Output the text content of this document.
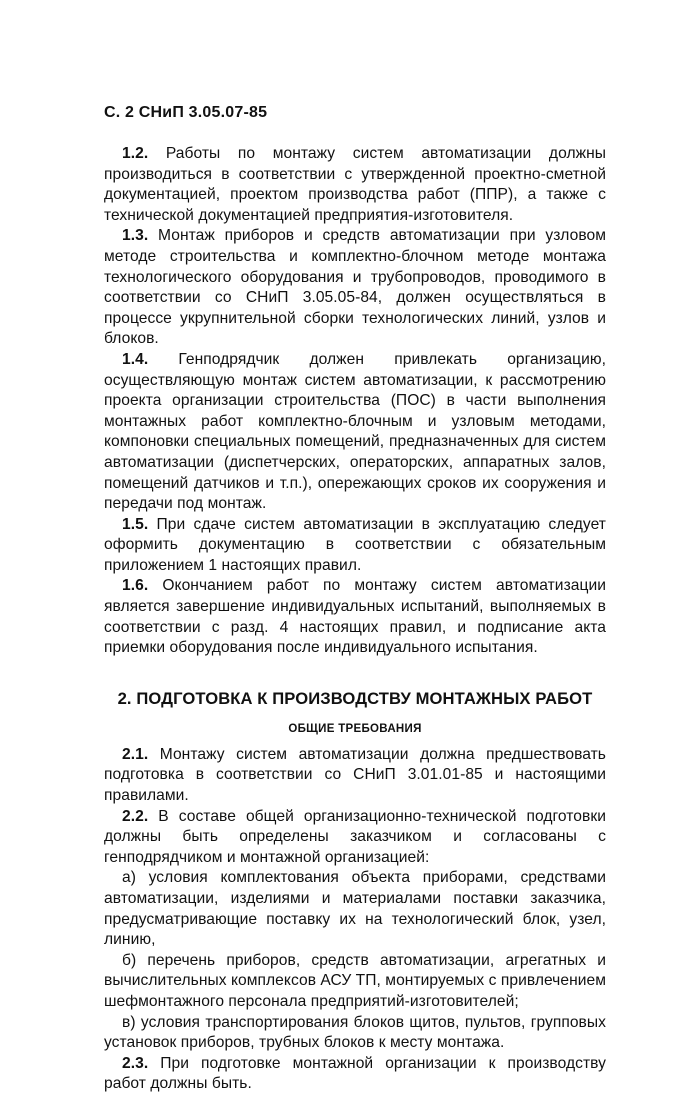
С. 2 СНиП 3.05.07-85

1.2. Работы по монтажу систем автоматизации должны производиться в соответствии с утвержденной проектно-сметной документацией, проектом производства работ (ППР), а также с технической документацией предприятия-изготовителя.

1.3. Монтаж приборов и средств автоматизации при узловом методе строительства и комплектно-блочном методе монтажа технологического оборудования и трубопроводов, проводимого в соответствии со СНиП 3.05.05-84, должен осуществляться в процессе укрупнительной сборки технологических линий, узлов и блоков.

1.4. Генподрядчик должен привлекать организацию, осуществляющую монтаж систем автоматизации, к рассмотрению проекта организации строительства (ПОС) в части выполнения монтажных работ комплектно-блочным и узловым методами, компоновки специальных помещений, предназначенных для систем автоматизации (диспетчерских, операторских, аппаратных залов, помещений датчиков и т.п.), опережающих сроков их сооружения и передачи под монтаж.

1.5. При сдаче систем автоматизации в эксплуатацию следует оформить документацию в соответствии с обязательным приложением 1 настоящих правил.

1.6. Окончанием работ по монтажу систем автоматизации является завершение индивидуальных испытаний, выполняемых в соответствии с разд. 4 настоящих правил, и подписание акта приемки оборудования после индивидуального испытания.

2. ПОДГОТОВКА К ПРОИЗВОДСТВУ МОНТАЖНЫХ РАБОТ
ОБЩИЕ ТРЕБОВАНИЯ

2.1. Монтажу систем автоматизации должна предшествовать подготовка в соответствии со СНиП 3.01.01-85 и настоящими правилами.

2.2. В составе общей организационно-технической подготовки должны быть определены заказчиком и согласованы с генподрядчиком и монтажной организацией:

а) условия комплектования объекта приборами, средствами автоматизации, изделиями и материалами поставки заказчика, предусматривающие поставку их на технологический блок, узел, линию,

б) перечень приборов, средств автоматизации, агрегатных и вычислительных комплексов АСУ ТП, монтируемых с привлечением шефмонтажного персонала предприятий-изготовителей;

в) условия транспортирования блоков щитов, пультов, групповых установок приборов, трубных блоков к месту монтажа.

2.3. При подготовке монтажной организации к производству работ должны быть.
